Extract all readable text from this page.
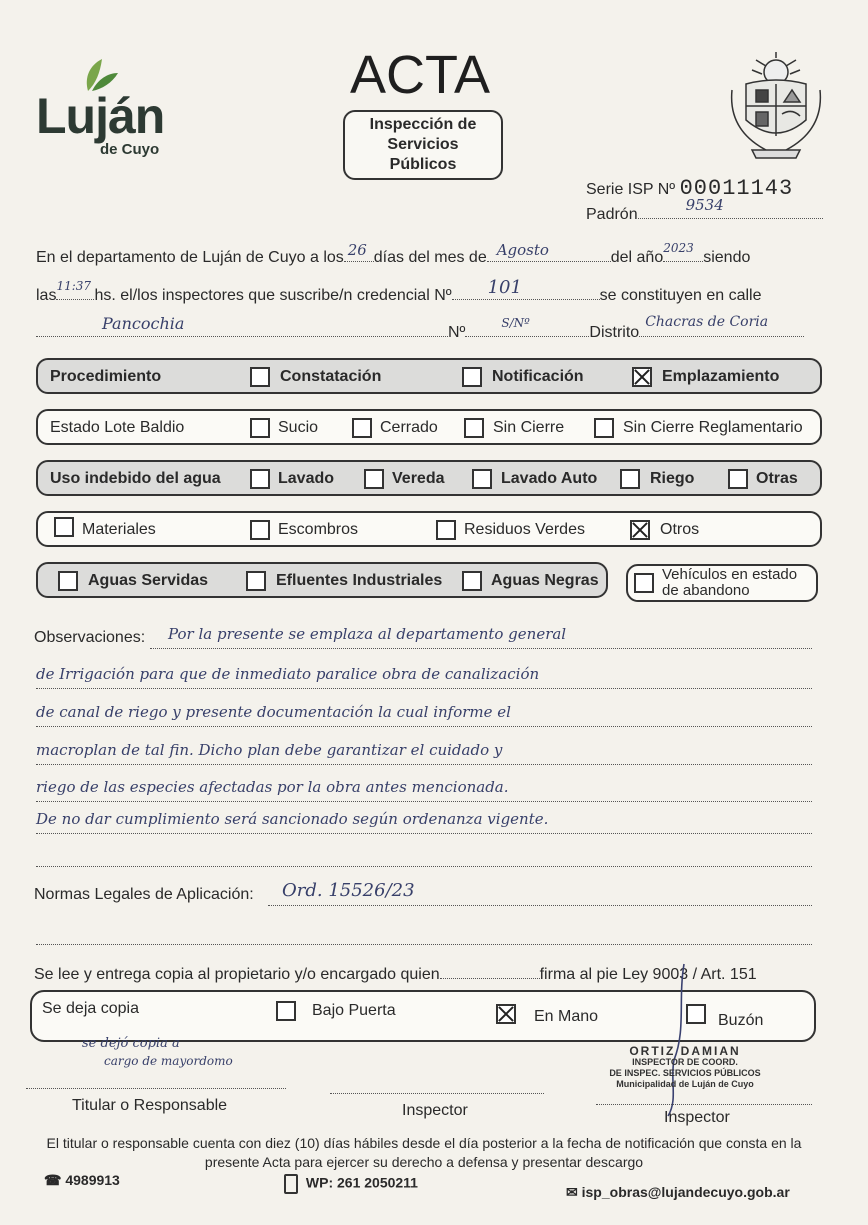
Luján
de Cuyo
ACTA
Inspección de
Servicios Públicos
Serie ISP Nº 00011143
Padrón
9534
En el departamento de Luján de Cuyo a los 26 días del mes de Agosto	del año
2023
siendo
las
11:37
hs. el/los inspectores que suscribe/n credencial Nº 101	se constituyen en calle
Pancochia	Nº
S/Nº
Distrito
Chacras de Coria
Procedimiento	Constatación	Notificación	Emplazamiento
Estado Lote Baldio	Sucio	Cerrado	Sin Cierre	Sin Cierre Reglamentario
Uso indebido del agua	Lavado	Vereda	Lavado Auto	Riego	Otras
Materiales	Escombros	Residuos Verdes	Otros
Aguas Servidas	Efluentes Industriales	Aguas Negras	Vehículos en estado
de abandono
Observaciones: Por la presente se emplaza al departamento general
de Irrigación para que de inmediato paralice obra de canalización
de canal de riego y presente documentación la cual informe el
macroplan de tal fin. Dicho plan debe garantizar el cuidado y
riego de las especies afectadas por la obra antes mencionada.
De no dar cumplimiento será sancionado según ordenanza vigente.
Normas Legales de Aplicación: Ord. 15526/23
Se lee y entrega copia al propietario y/o encargado quien	firma al pie Ley 9003 / Art. 151
Se deja copia	Bajo Puerta	En Mano	Buzón
se dejó copia a
cargo de mayordomo
ORTIZ DAMIAN
INSPECTOR DE COORD.
DE INSPEC. SERVICIOS PÚBLICOS
Municipalidad de Luján de Cuyo
Titular o Responsable	Inspector	Inspector
El titular o responsable cuenta con diez (10) días hábiles desde el día posterior a la fecha de notificación que consta en la presente Acta para ejercer su derecho a defensa y presentar descargo
☎ 4989913	WP: 261 2050211
✉ isp_obras@lujandecuyo.gob.ar
